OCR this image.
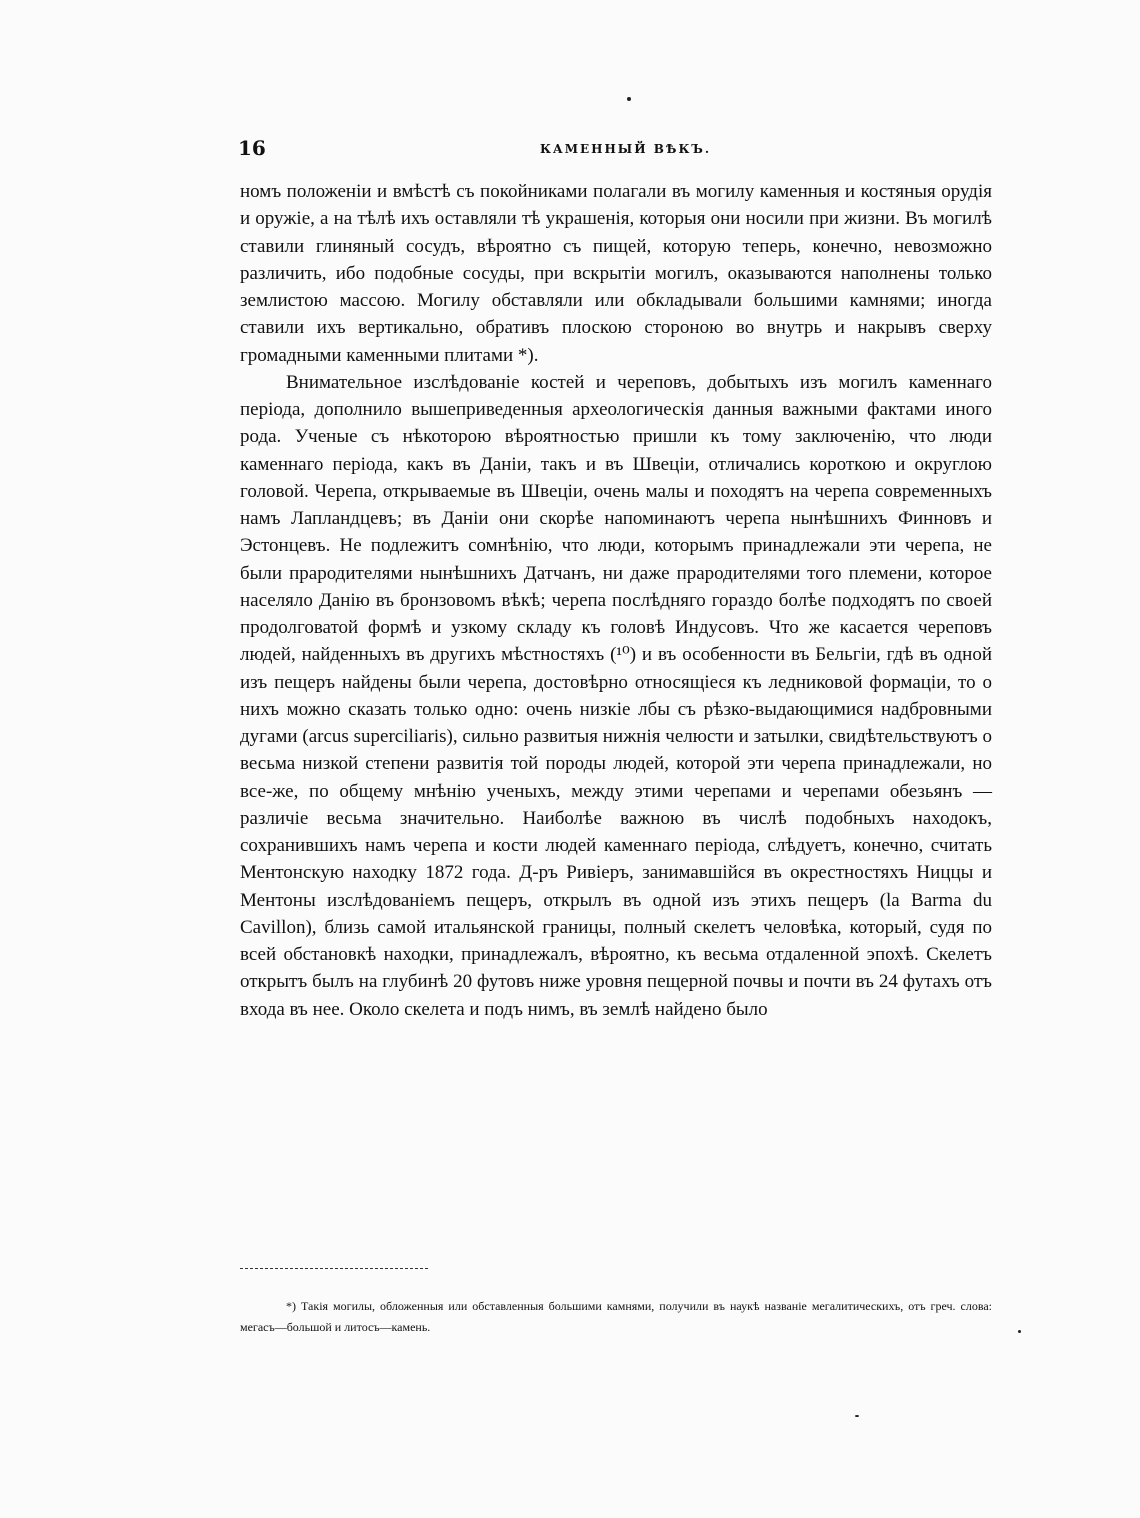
16	КАМЕННЫЙ ВѢКЪ.

номъ положеніи и вмѣстѣ съ покойниками полагали въ могилу каменныя и костяныя орудія и оружіе, а на тѣлѣ ихъ оставляли тѣ украшенія, которыя они носили при жизни. Въ могилѣ ставили глиняный сосудъ, вѣроятно съ пищей, которую теперь, конечно, невозможно различить, ибо подобные сосуды, при вскрытіи могилъ, оказываются наполнены только землистою массою. Могилу обставляли или обкладывали большими камнями; иногда ставили ихъ вертикально, обративъ плоскою стороною во внутрь и накрывъ сверху громадными каменными плитами *).

Внимательное изслѣдованіе костей и череповъ, добытыхъ изъ могилъ каменнаго періода, дополнило вышеприведенныя археологическія данныя важными фактами иного рода. Ученые съ нѣкоторою вѣроятностью пришли къ тому заключенію, что люди каменнаго періода, какъ въ Даніи, такъ и въ Швеціи, отличались короткою и округлою головой. Черепа, открываемые въ Швеціи, очень малы и походятъ на черепа современныхъ намъ Лапландцевъ; въ Даніи они скорѣе напоминаютъ черепа нынѣшнихъ Финновъ и Эстонцевъ. Не подлежитъ сомнѣнію, что люди, которымъ принадлежали эти черепа, не были прародителями нынѣшнихъ Датчанъ, ни даже прародителями того племени, которое населяло Данію въ бронзовомъ вѣкѣ; черепа послѣдняго гораздо болѣе подходятъ по своей продолговатой формѣ и узкому складу къ головѣ Индусовъ. Что же касается череповъ людей, найденныхъ въ другихъ мѣстностяхъ (¹⁰) и въ особенности въ Бельгіи, гдѣ въ одной изъ пещеръ найдены были черепа, достовѣрно относящіеся къ ледниковой формаціи, то о нихъ можно сказать только одно: очень низкіе лбы съ рѣзко-выдающимися надбровными дугами (arcus superciliaris), сильно развитыя нижнія челюсти и затылки, свидѣтельствуютъ о весьма низкой степени развитія той породы людей, которой эти черепа принадлежали, но все-же, по общему мнѣнію ученыхъ, между этими черепами и черепами обезьянъ — различіе весьма значительно. Наиболѣе важною въ числѣ подобныхъ находокъ, сохранившихъ намъ черепа и кости людей каменнаго періода, слѣдуетъ, конечно, считать Ментонскую находку 1872 года. Д-ръ Ривіеръ, занимавшійся въ окрестностяхъ Ниццы и Ментоны изслѣдованіемъ пещеръ, открылъ въ одной изъ этихъ пещеръ (la Barma du Cavillon), близь самой итальянской границы, полный скелетъ человѣка, который, судя по всей обстановкѣ находки, принадлежалъ, вѣроятно, къ весьма отдаленной эпохѣ. Скелетъ открытъ былъ на глубинѣ 20 футовъ ниже уровня пещерной почвы и почти въ 24 футахъ отъ входа въ нее. Около скелета и подъ нимъ, въ землѣ найдено было

*) Такія могилы, обложенныя или обставленныя большими камнями, получили въ наукѣ названіе мегалитическихъ, отъ греч. слова: мегасъ—большой и литосъ—камень.
